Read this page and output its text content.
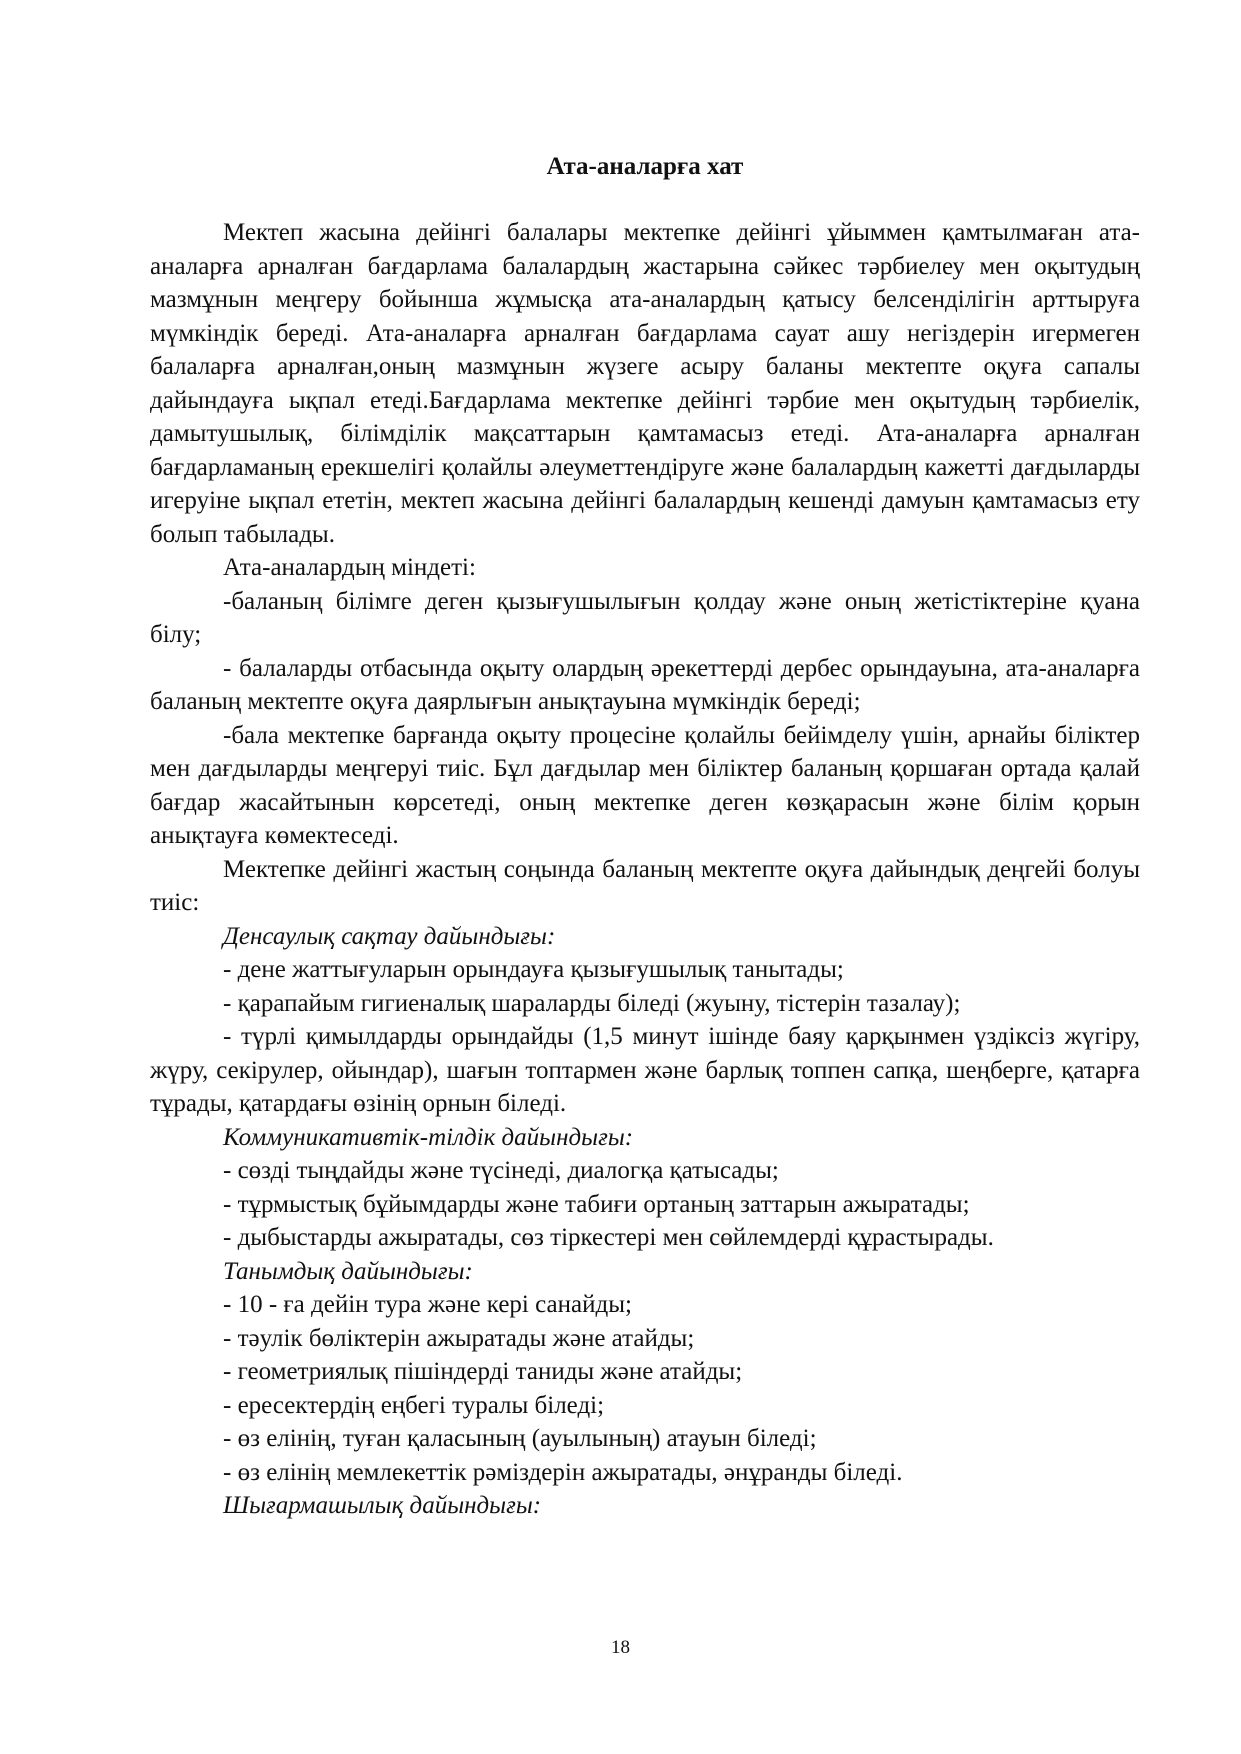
Ата-аналарға хат

Мектеп жасына дейінгі балалары мектепке дейінгі ұйыммен қамтылмаған ата-аналарға арналған бағдарлама балалардың жастарына сәйкес тәрбиелеу мен оқытудың мазмұнын меңгеру бойынша жұмысқа ата-аналардың қатысу белсенділігін арттыруға мүмкіндік береді. Ата-аналарға арналған бағдарлама сауат ашу негіздерін игермеген балаларға арналған,оның мазмұнын жүзеге асыру баланы мектепте оқуға сапалы дайындауға ықпал етеді.Бағдарлама мектепке дейінгі тәрбие мен оқытудың тәрбиелік, дамытушылық, білімділік мақсаттарын қамтамасыз етеді. Ата-аналарға арналған бағдарламаның ерекшелігі қолайлы әлеуметтендіруге және балалардың кажетті дағдыларды игеруіне ықпал ететін, мектеп жасына дейінгі балалардың кешенді дамуын қамтамасыз ету болып табылады.

Ата-аналардың міндеті:

-баланың білімге деген қызығушылығын қолдау және оның жетістіктеріне қуана білу;

- балаларды отбасында оқыту олардың әрекеттерді дербес орындауына, ата-аналарға баланың мектепте оқуға даярлығын анықтауына мүмкіндік береді;

-бала мектепке барғанда оқыту процесіне қолайлы бейімделу үшін, арнайы біліктер мен дағдыларды меңгеруі тиіс. Бұл дағдылар мен біліктер баланың қоршаған ортада қалай бағдар жасайтынын көрсетеді, оның мектепке деген көзқарасын және білім қорын анықтауға көмектеседі.

Мектепке дейінгі жастың соңында баланың мектепте оқуға дайындық деңгейі болуы тиіс:

Денсаулық сақтау дайындығы:

- дене жаттығуларын орындауға қызығушылық танытады;

- қарапайым гигиеналық шараларды біледі (жуыну, тістерін тазалау);

- түрлі қимылдарды орындайды (1,5 минут ішінде баяу қарқынмен үздіксіз жүгіру, жүру, секірулер, ойындар), шағын топтармен және барлық топпен сапқа, шеңберге, қатарға тұрады, қатардағы өзінің орнын біледі.

Коммуникативтік-тілдік дайындығы:

- сөзді тыңдайды және түсінеді, диалогқа қатысады;

- тұрмыстық бұйымдарды және табиғи ортаның заттарын ажыратады;

- дыбыстарды ажыратады, сөз тіркестері мен сөйлемдерді құрастырады.

Танымдық дайындығы:

- 10 - ға дейін тура және кері санайды;

- тәулік бөліктерін ажыратады және атайды;

- геометриялық пішіндерді таниды және атайды;

- ересектердің еңбегі туралы біледі;

- өз елінің, туған қаласының (ауылының) атауын біледі;

- өз елінің мемлекеттік рәміздерін ажыратады, әнұранды біледі.

Шығармашылық дайындығы:

18
